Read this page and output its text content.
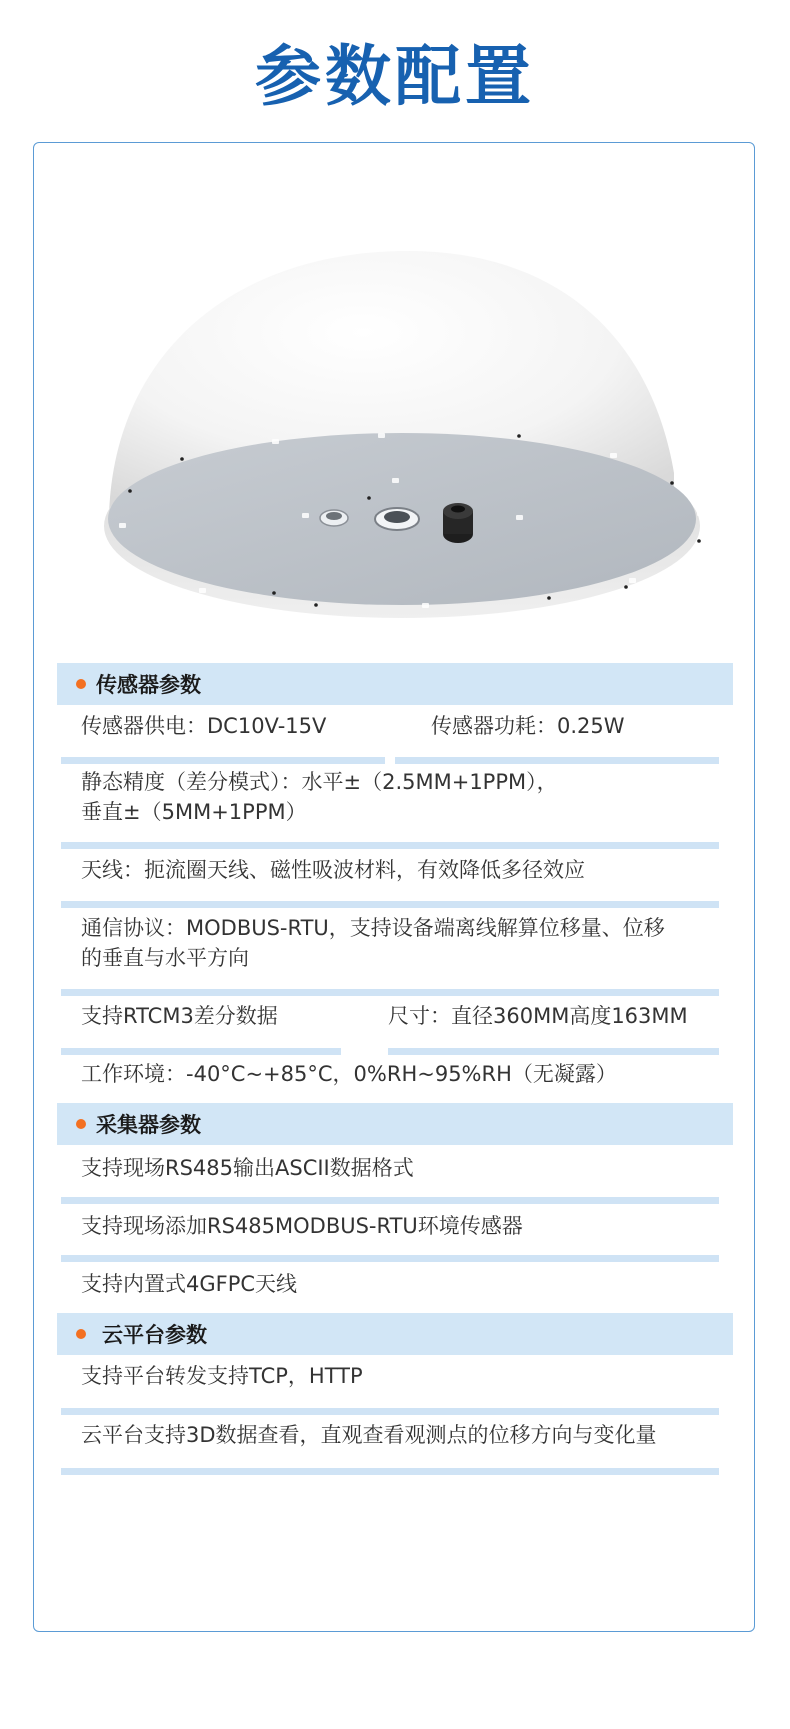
参数配置
传感器参数
传感器供电：DC10V-15V	传感器功耗：0.25W
静态精度（差分模式）：水平±（2.5MM+1PPM），
垂直±（5MM+1PPM）
天线：扼流圈天线、磁性吸波材料，有效降低多径效应
通信协议：MODBUS-RTU，支持设备端离线解算位移量、位移
的垂直与水平方向
支持RTCM3差分数据	尺寸：直径360MM高度163MM
工作环境：-40°C~+85°C，0%RH~95%RH（无凝露）
采集器参数
支持现场RS485输出ASCII数据格式
支持现场添加RS485MODBUS-RTU环境传感器
支持内置式4GFPC天线
云平台参数
支持平台转发支持TCP，HTTP
云平台支持3D数据查看，直观查看观测点的位移方向与变化量
